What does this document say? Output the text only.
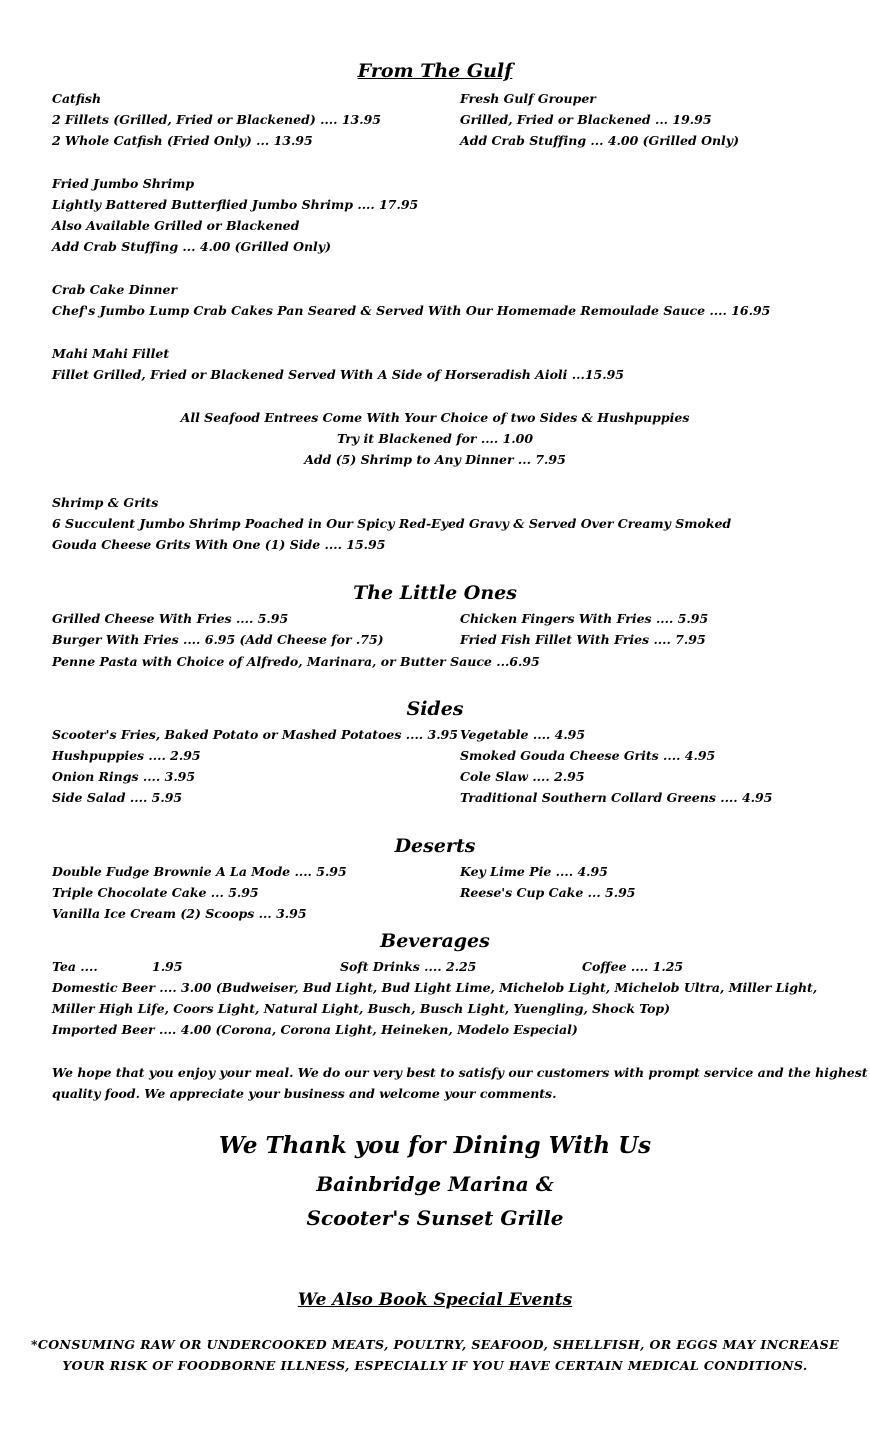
From The Gulf
Catfish
2 Fillets (Grilled, Fried or Blackened) .... 13.95
2 Whole Catfish (Fried Only) ... 13.95
Fresh Gulf Grouper
Grilled, Fried or Blackened ... 19.95
Add Crab Stuffing ... 4.00 (Grilled Only)
Fried Jumbo Shrimp
Lightly Battered Butterflied Jumbo Shrimp .... 17.95
Also Available Grilled or Blackened
Add Crab Stuffing ... 4.00 (Grilled Only)
Crab Cake Dinner
Chef's Jumbo Lump Crab Cakes Pan Seared & Served With Our Homemade Remoulade Sauce .... 16.95
Mahi Mahi Fillet
Fillet Grilled, Fried or Blackened Served With A Side of Horseradish Aioli ...15.95
All Seafood Entrees Come With Your Choice of two Sides & Hushpuppies
Try it Blackened for .... 1.00
Add (5) Shrimp to Any Dinner ... 7.95
Shrimp & Grits
6 Succulent Jumbo Shrimp Poached in Our Spicy Red-Eyed Gravy & Served Over Creamy Smoked
Gouda Cheese Grits With One (1) Side .... 15.95
The Little Ones
Grilled Cheese With Fries .... 5.95
Burger With Fries .... 6.95 (Add Cheese for .75)
Penne Pasta with Choice of Alfredo, Marinara, or Butter Sauce ...6.95
Chicken Fingers With Fries .... 5.95
Fried Fish Fillet With Fries .... 7.95
Sides
Scooter's Fries, Baked Potato or Mashed Potatoes .... 3.95
Hushpuppies .... 2.95
Onion Rings .... 3.95
Side Salad .... 5.95
Vegetable .... 4.95
Smoked Gouda Cheese Grits .... 4.95
Cole Slaw .... 2.95
Traditional Southern Collard Greens .... 4.95
Deserts
Double Fudge Brownie A La Mode .... 5.95
Triple Chocolate Cake ... 5.95
Vanilla Ice Cream (2) Scoops ... 3.95
Key Lime Pie .... 4.95
Reese's Cup Cake ... 5.95
Beverages
Tea ....	1.95	Soft Drinks .... 2.25	Coffee .... 1.25
Domestic Beer .... 3.00 (Budweiser, Bud Light, Bud Light Lime, Michelob Light, Michelob Ultra, Miller Light,
Miller High Life, Coors Light, Natural Light, Busch, Busch Light, Yuengling, Shock Top)
Imported Beer .... 4.00 (Corona, Corona Light, Heineken, Modelo Especial)
We hope that you enjoy your meal. We do our very best to satisfy our customers with prompt service and the highest
quality food. We appreciate your business and welcome your comments.
We Thank you for Dining With Us
Bainbridge Marina &
Scooter's Sunset Grille
We Also Book Special Events
*CONSUMING RAW OR UNDERCOOKED MEATS, POULTRY, SEAFOOD, SHELLFISH, OR EGGS MAY INCREASE
YOUR RISK OF FOODBORNE ILLNESS, ESPECIALLY IF YOU HAVE CERTAIN MEDICAL CONDITIONS.
